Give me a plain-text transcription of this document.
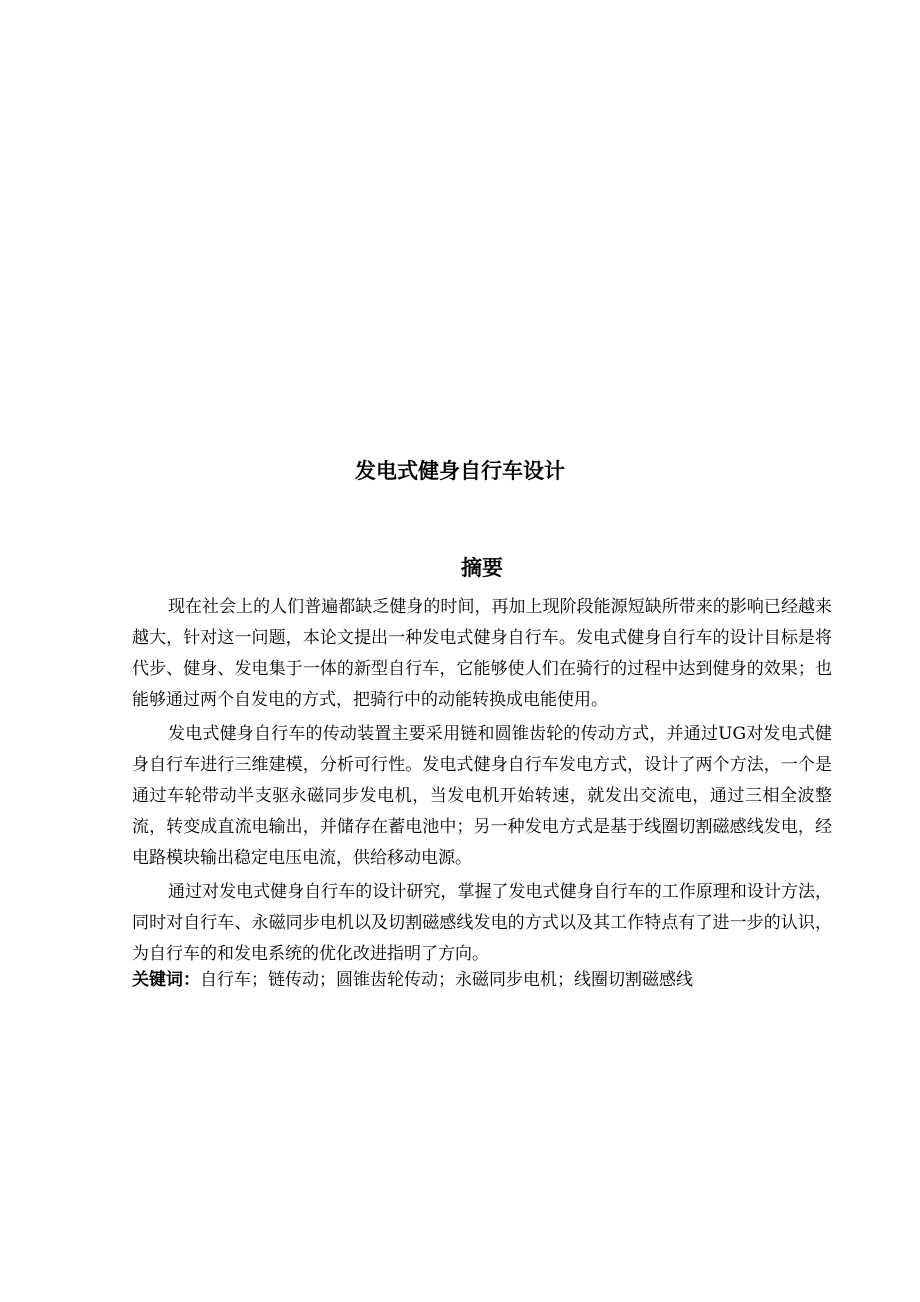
发电式健身自行车设计
摘要

现在社会上的人们普遍都缺乏健身的时间，再加上现阶段能源短缺所带来的影响已经越来越大，针对这一问题，本论文提出一种发电式健身自行车。发电式健身自行车的设计目标是将代步、健身、发电集于一体的新型自行车，它能够使人们在骑行的过程中达到健身的效果；也能够通过两个自发电的方式，把骑行中的动能转换成电能使用。

发电式健身自行车的传动装置主要采用链和圆锥齿轮的传动方式，并通过UG对发电式健身自行车进行三维建模，分析可行性。发电式健身自行车发电方式，设计了两个方法，一个是通过车轮带动半支驱永磁同步发电机，当发电机开始转速，就发出交流电，通过三相全波整流，转变成直流电输出，并储存在蓄电池中；另一种发电方式是基于线圈切割磁感线发电，经电路模块输出稳定电压电流，供给移动电源。

通过对发电式健身自行车的设计研究，掌握了发电式健身自行车的工作原理和设计方法，同时对自行车、永磁同步电机以及切割磁感线发电的方式以及其工作特点有了进一步的认识，为自行车的和发电系统的优化改进指明了方向。

关键词：自行车；链传动；圆锥齿轮传动；永磁同步电机；线圈切割磁感线
